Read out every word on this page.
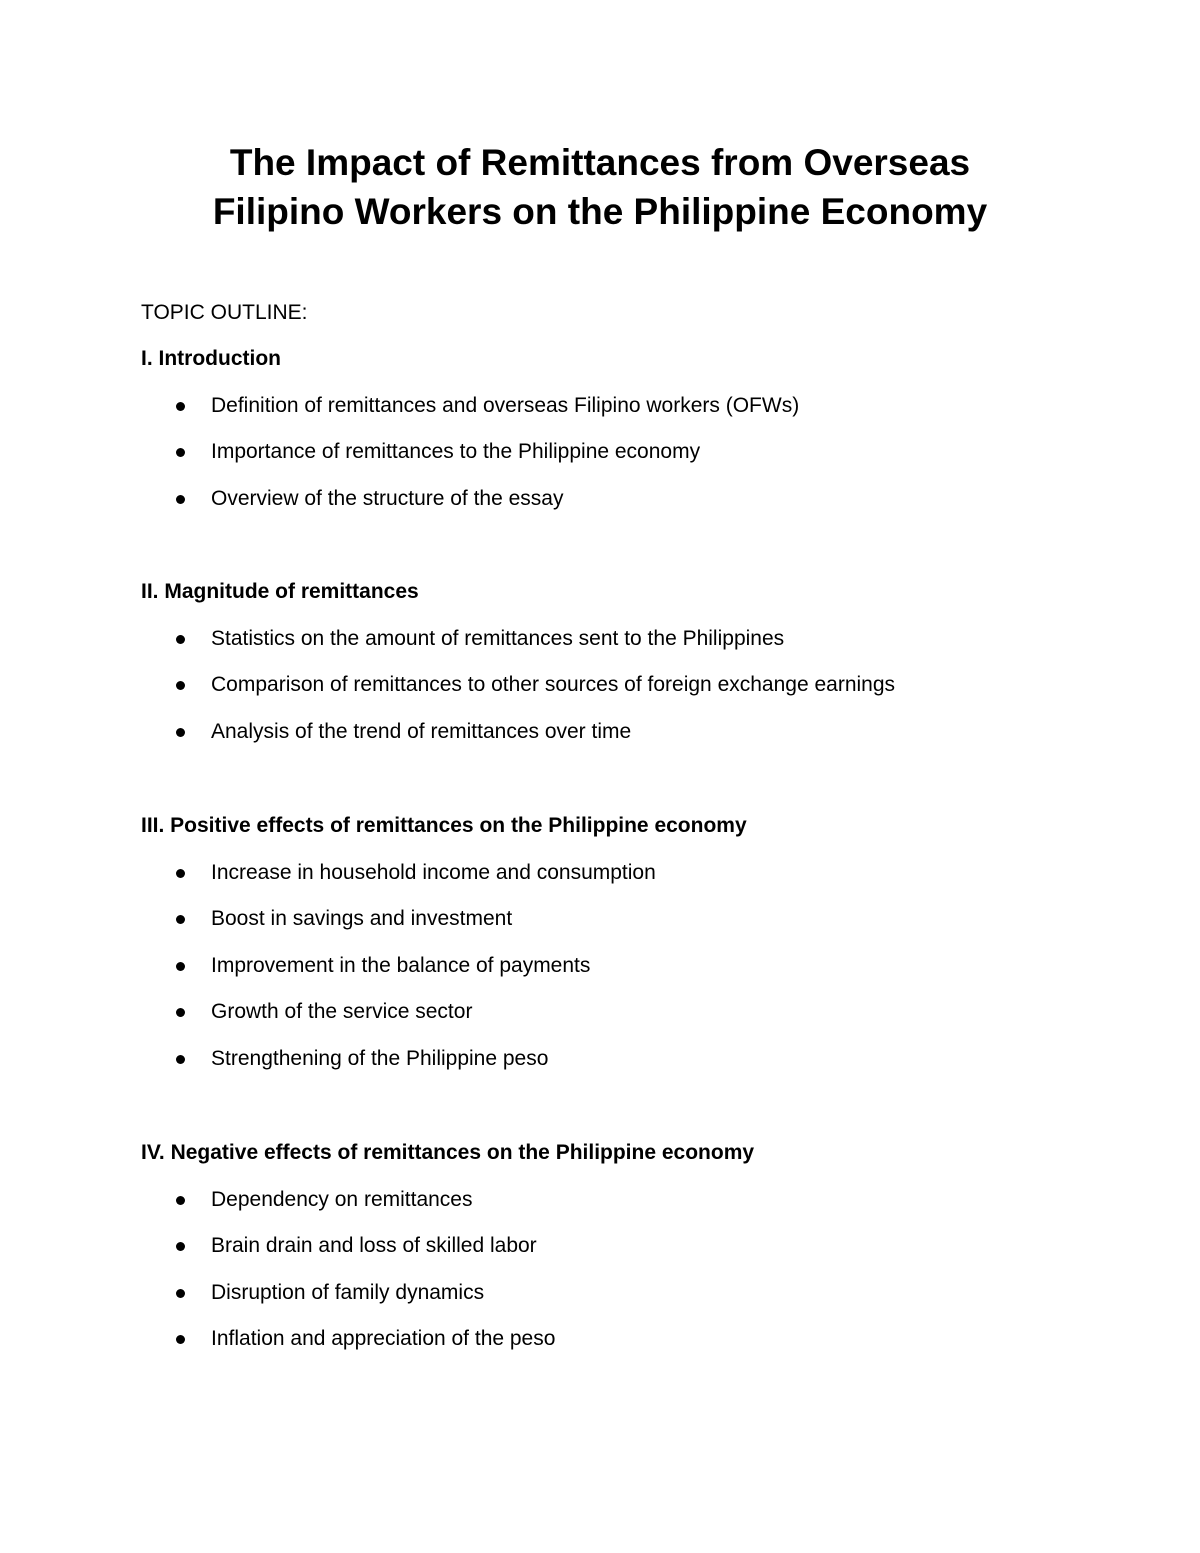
The Impact of Remittances from Overseas
Filipino Workers on the Philippine Economy

TOPIC OUTLINE:

I. Introduction

Definition of remittances and overseas Filipino workers (OFWs)
Importance of remittances to the Philippine economy
Overview of the structure of the essay

II. Magnitude of remittances

Statistics on the amount of remittances sent to the Philippines
Comparison of remittances to other sources of foreign exchange earnings
Analysis of the trend of remittances over time

III. Positive effects of remittances on the Philippine economy

Increase in household income and consumption
Boost in savings and investment
Improvement in the balance of payments
Growth of the service sector
Strengthening of the Philippine peso

IV. Negative effects of remittances on the Philippine economy

Dependency on remittances
Brain drain and loss of skilled labor
Disruption of family dynamics
Inflation and appreciation of the peso
